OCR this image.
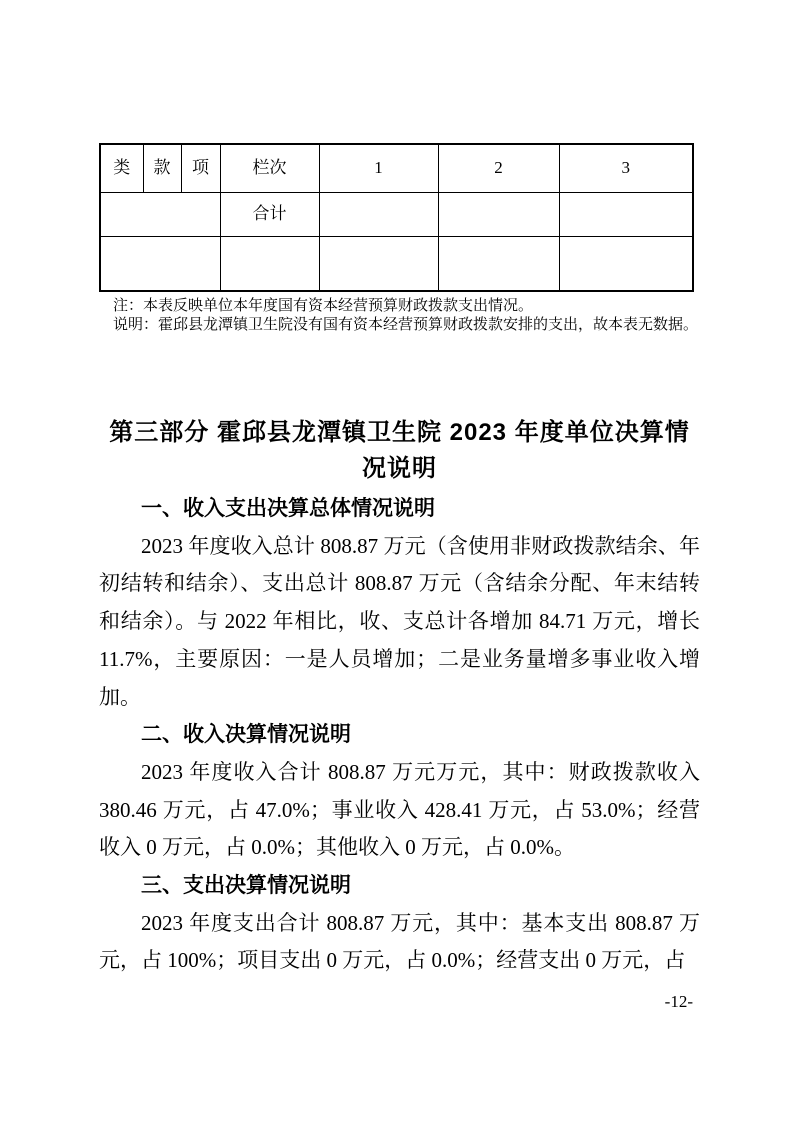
类	款	项	栏次	1	2	3
			合计			

注：本表反映单位本年度国有资本经营预算财政拨款支出情况。
说明：霍邱县龙潭镇卫生院没有国有资本经营预算财政拨款安排的支出，故本表无数据。
第三部分 霍邱县龙潭镇卫生院 2023 年度单位决算情况说明
一、收入支出决算总体情况说明
2023 年度收入总计 808.87 万元（含使用非财政拨款结余、年初结转和结余）、支出总计 808.87 万元（含结余分配、年末结转和结余）。与 2022 年相比，收、支总计各增加 84.71 万元，增长 11.7%，主要原因：一是人员增加；二是业务量增多事业收入增加。
二、收入决算情况说明
2023 年度收入合计 808.87 万元万元，其中：财政拨款收入 380.46 万元，占 47.0%；事业收入 428.41 万元，占 53.0%；经营收入 0 万元，占 0.0%；其他收入 0 万元，占 0.0%。
三、支出决算情况说明
2023 年度支出合计 808.87 万元，其中：基本支出 808.87 万元，占 100%；项目支出 0 万元，占 0.0%；经营支出 0 万元，占
-12-
